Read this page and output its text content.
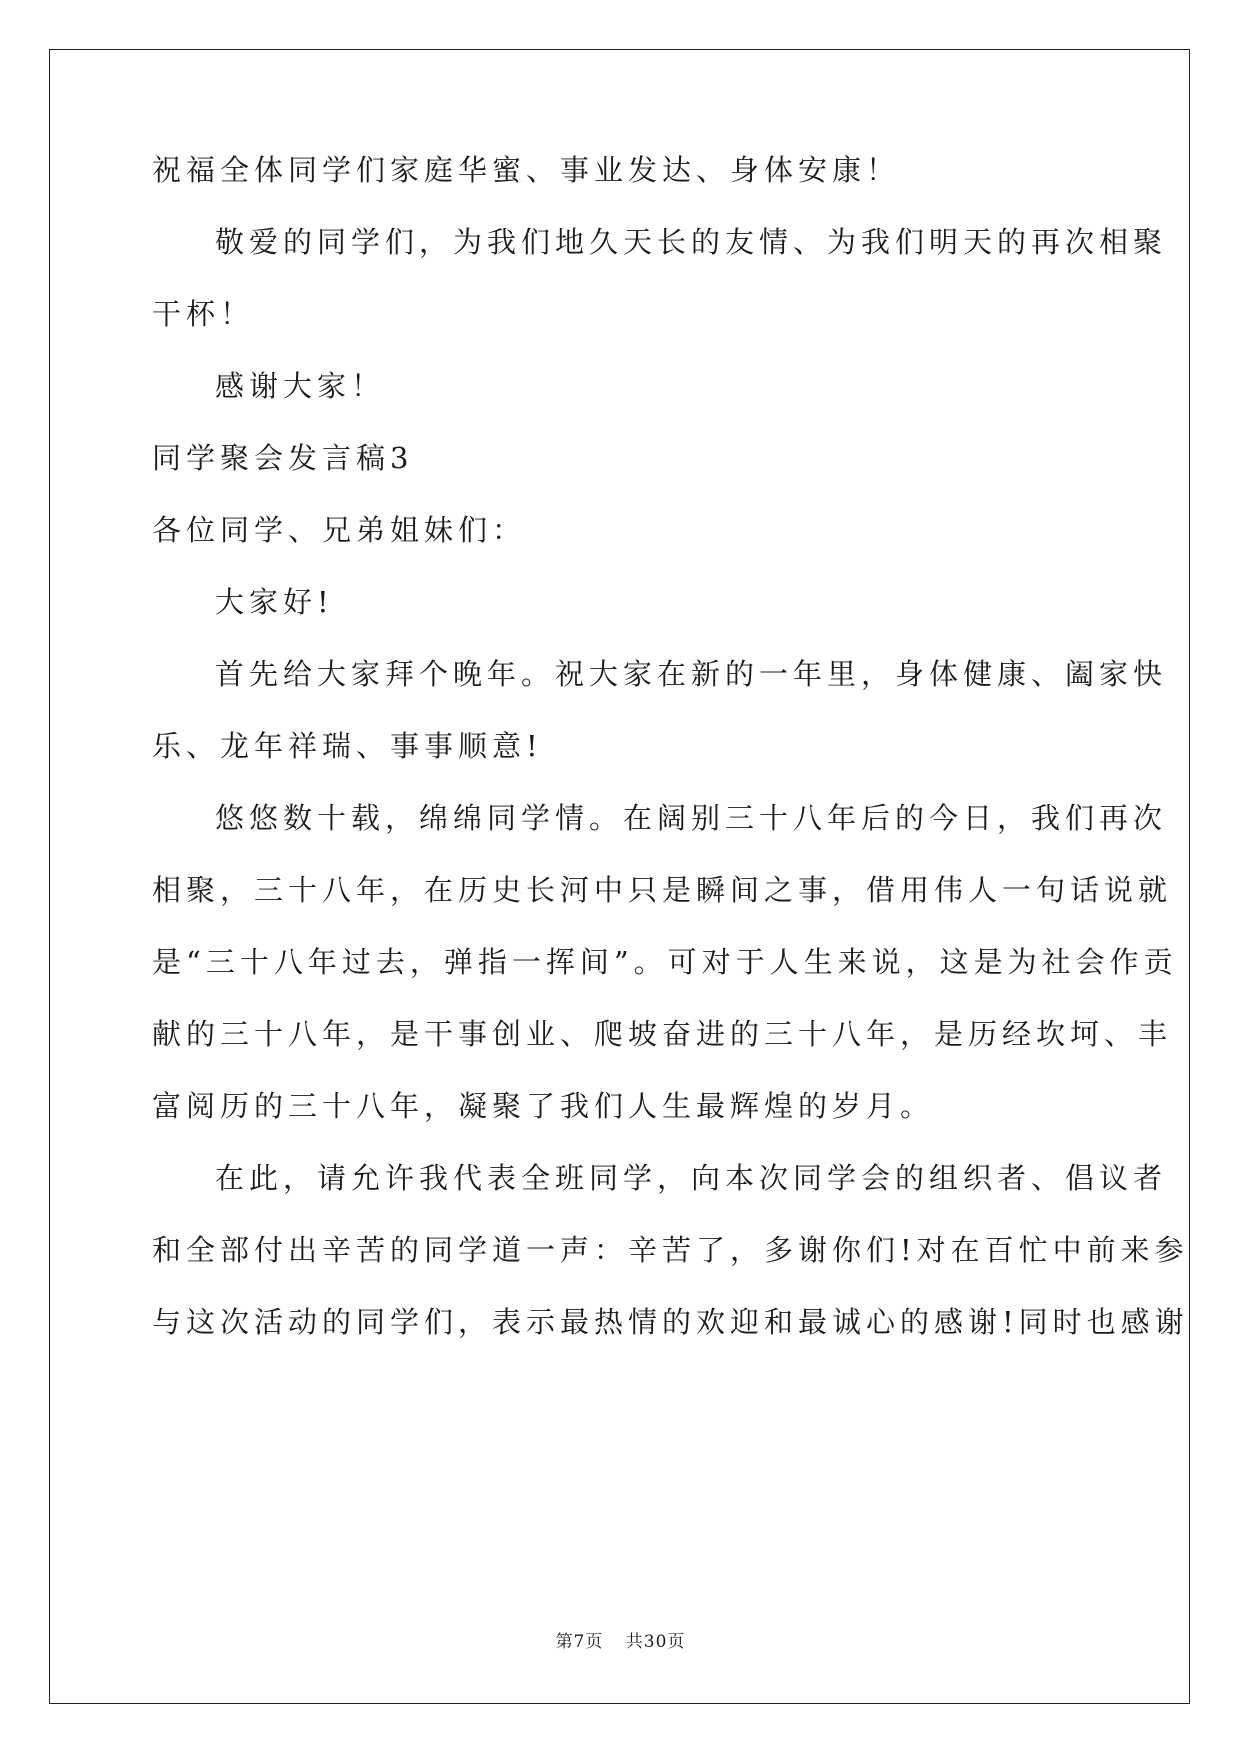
祝福全体同学们家庭华蜜、事业发达、身体安康！
敬爱的同学们，为我们地久天长的友情、为我们明天的再次相聚
干杯！
感谢大家！
同学聚会发言稿3
各位同学、兄弟姐妹们：
大家好!
首先给大家拜个晚年。祝大家在新的一年里，身体健康、阖家快
乐、龙年祥瑞、事事顺意!
悠悠数十载，绵绵同学情。在阔别三十八年后的今日，我们再次
相聚，三十八年，在历史长河中只是瞬间之事，借用伟人一句话说就
是“三十八年过去，弹指一挥间”。可对于人生来说，这是为社会作贡
献的三十八年，是干事创业、爬坡奋进的三十八年，是历经坎坷、丰
富阅历的三十八年，凝聚了我们人生最辉煌的岁月。
在此，请允许我代表全班同学，向本次同学会的组织者、倡议者
和全部付出辛苦的同学道一声：辛苦了，多谢你们!对在百忙中前来参
与这次活动的同学们，表示最热情的欢迎和最诚心的感谢!同时也感谢
第7页 共30页
